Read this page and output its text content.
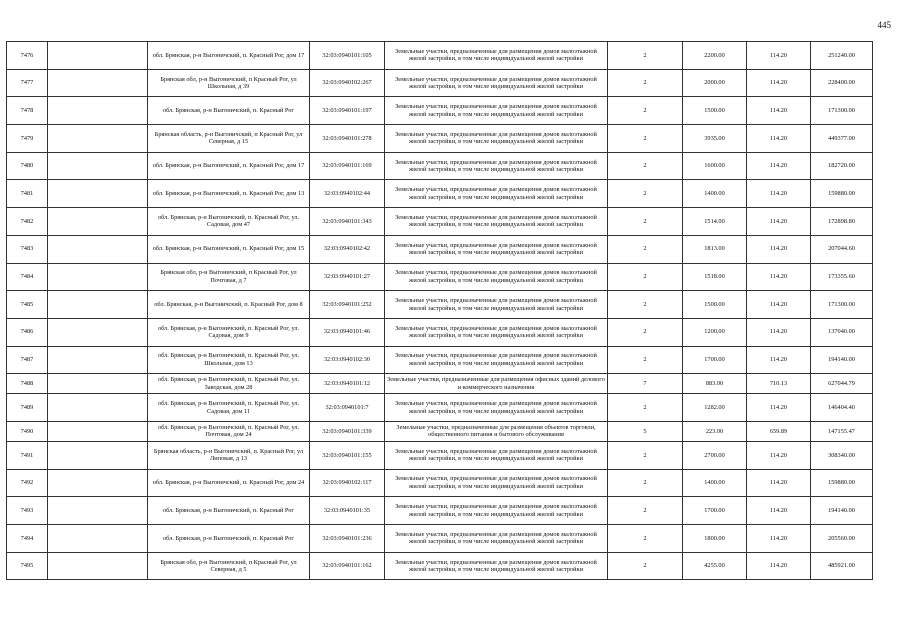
445
7476		обл. Брянская, р-н Выгоничский, п. Красный Рог, дом 17	32:03:0940101:105	Земельные участки, предназначенные для размещения домов малоэтажной жилой застройки, в том числе индивидуальной жилой застройки	2	2200.00	114.20	251240.00
7477		Брянская обл, р-н Выгоничский, п Красный Рог, ул Школьная, д 39	32:03:0940102:267	Земельные участки, предназначенные для размещения домов малоэтажной жилой застройки, в том числе индивидуальной жилой застройки	2	2000.00	114.20	228400.00
7478		обл. Брянская, р-н Выгоничский, п. Красный Рог	32:03:0940101:197	Земельные участки, предназначенные для размещения домов малоэтажной жилой застройки, в том числе индивидуальной жилой застройки	2	1500.00	114.20	171300.00
7479		Брянская область, р-н Выгоничский, п Красный Рог, ул Северная, д 15	32:03:0940101:278	Земельные участки, предназначенные для размещения домов малоэтажной жилой застройки, в том числе индивидуальной жилой застройки	2	3935.00	114.20	449377.00
7480		обл. Брянская, р-н Выгоничский, п. Красный Рог, дом 17	32:03:0940101:169	Земельные участки, предназначенные для размещения домов малоэтажной жилой застройки, в том числе индивидуальной жилой застройки	2	1600.00	114.20	182720.00
7481		обл. Брянская, р-н Выгоничский, п. Красный Рог, дом 13	32:03:0940102:44	Земельные участки, предназначенные для размещения домов малоэтажной жилой застройки, в том числе индивидуальной жилой застройки	2	1400.00	114.20	159880.00
7482		обл. Брянская, р-н Выгоничский, п. Красный Рог, ул. Садовая, дом 47	32:03:0940101:343	Земельные участки, предназначенные для размещения домов малоэтажной жилой застройки, в том числе индивидуальной жилой застройки	2	1514.00	114.20	172898.80
7483		обл. Брянская, р-н Выгоничский, п. Красный Рог, дом 15	32:03:0940102:42	Земельные участки, предназначенные для размещения домов малоэтажной жилой застройки, в том числе индивидуальной жилой застройки	2	1813.00	114.20	207044.60
7484		Брянская обл, р-н Выгоничский, п Красный Рог, ул Почтовая, д 7	32:03:0940101:27	Земельные участки, предназначенные для размещения домов малоэтажной жилой застройки, в том числе индивидуальной жилой застройки	2	1518.00	114.20	173355.60
7485		обл. Брянская, р-н Выгоничский, п. Красный Рог, дом 8	32:03:0940101:252	Земельные участки, предназначенные для размещения домов малоэтажной жилой застройки, в том числе индивидуальной жилой застройки	2	1500.00	114.20	171300.00
7486		обл. Брянская, р-н Выгоничский, п. Красный Рог, ул. Садовая, дом 9	32:03:0940101:46	Земельные участки, предназначенные для размещения домов малоэтажной жилой застройки, в том числе индивидуальной жилой застройки	2	1200.00	114.20	137040.00
7487		обл. Брянская, р-н Выгоничский, п. Красный Рог, ул. Школьная, дом 13	32:03:0940102:30	Земельные участки, предназначенные для размещения домов малоэтажной жилой застройки, в том числе индивидуальной жилой застройки	2	1700.00	114.20	194140.00
7488		обл. Брянская, р-н Выгоничский, п. Красный Рог, ул. Заводская, дом 28	32:03:0940101:12	Земельные участки, предназначенные для размещения офисных зданий делового и коммерческого назначения	7	883.00	710.13	627044.79
7489		обл. Брянская, р-н Выгоничский, п. Красный Рог, ул. Садовая, дом 11	32:03:0940101:7	Земельные участки, предназначенные для размещения домов малоэтажной жилой застройки, в том числе индивидуальной жилой застройки	2	1282.00	114.20	146404.40
7490		обл. Брянская, р-н Выгоничский, п. Красный Рог, ул. Почтовая, дом 24	32:03:0940101:339	Земельные участки, предназначенные для размещения объектов торговли, общественного питания и бытового обслуживания	5	223.00	659.89	147155.47
7491		Брянская область, р-н Выгоничский, п. Красный Рог, ул Липовая, д 13	32:03:0940101:155	Земельные участки, предназначенные для размещения домов малоэтажной жилой застройки, в том числе индивидуальной жилой застройки	2	2700.00	114.20	308340.00
7492		обл. Брянская, р-н Выгоничский, п. Красный Рог, дом 24	32:03:0940102:117	Земельные участки, предназначенные для размещения домов малоэтажной жилой застройки, в том числе индивидуальной жилой застройки	2	1400.00	114.20	159880.00
7493		обл. Брянская, р-н Выгоничский, п. Красный Рог	32:03:0940101:35	Земельные участки, предназначенные для размещения домов малоэтажной жилой застройки, в том числе индивидуальной жилой застройки	2	1700.00	114.20	194140.00
7494		обл. Брянская, р-н Выгоничский, п. Красный Рог	32:03:0940101:236	Земельные участки, предназначенные для размещения домов малоэтажной жилой застройки, в том числе индивидуальной жилой застройки	2	1800.00	114.20	205560.00
7495		Брянская обл, р-н Выгоничский, п Красный Рог, ул Северная, д 5	32:03:0940101:162	Земельные участки, предназначенные для размещения домов малоэтажной жилой застройки, в том числе индивидуальной жилой застройки	2	4255.00	114.20	485921.00
